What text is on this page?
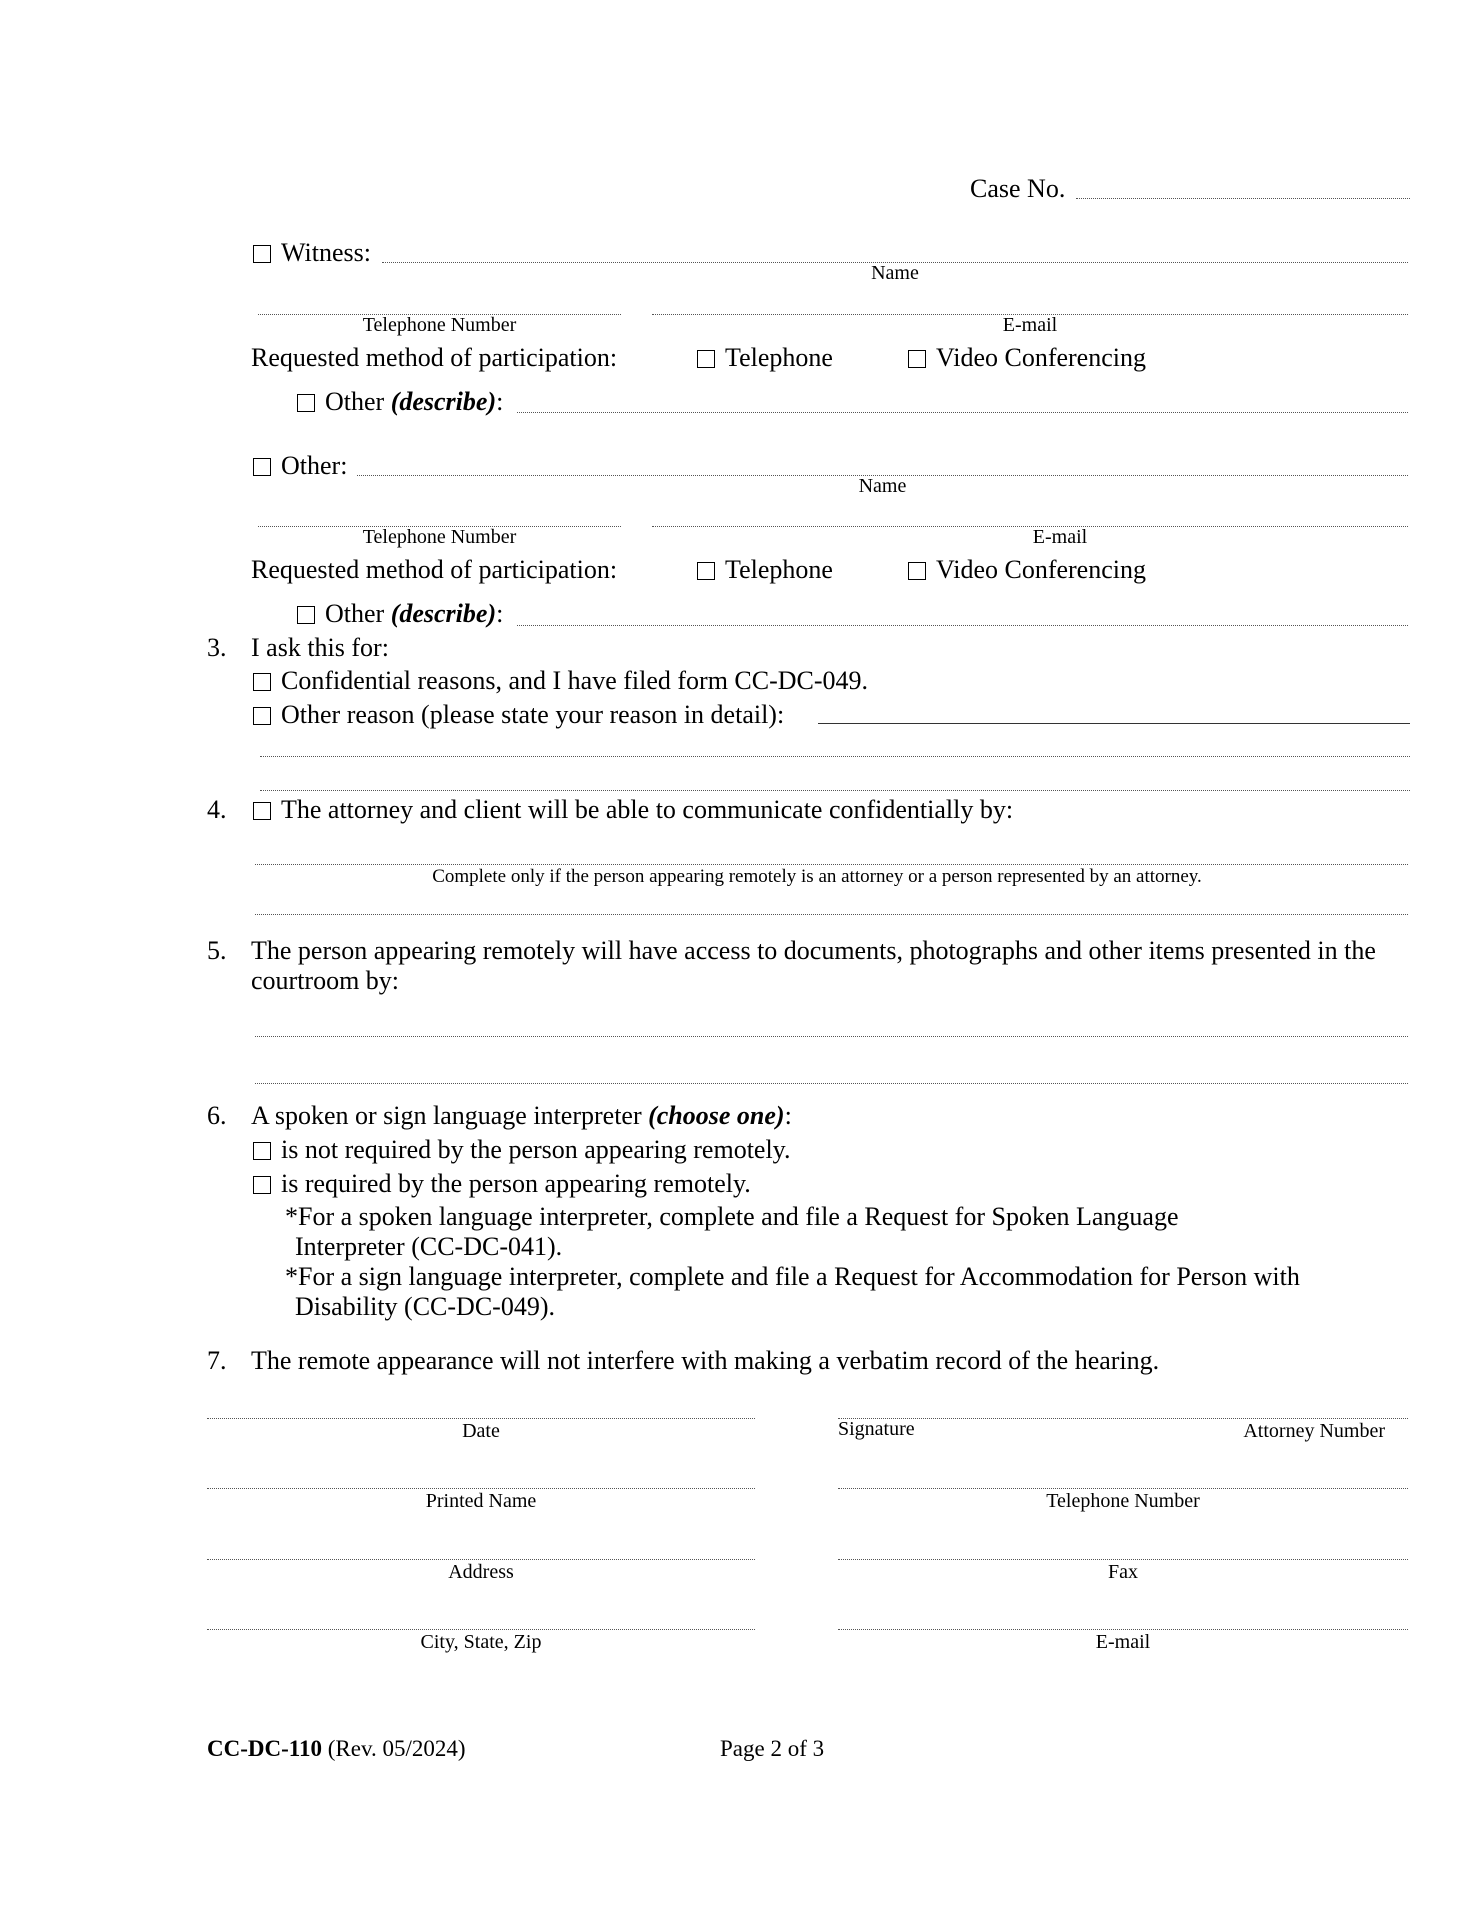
Case No.
Witness:
Name
Telephone Number	E-mail
Requested method of participation:	Telephone	Video Conferencing
Other (describe):
Other:
Name
Telephone Number	E-mail
Requested method of participation:	Telephone	Video Conferencing
Other (describe):
3. I ask this for:
Confidential reasons, and I have filed form CC-DC-049.
Other reason (please state your reason in detail):
4.	The attorney and client will be able to communicate confidentially by:
Complete only if the person appearing remotely is an attorney or a person represented by an attorney.
5. The person appearing remotely will have access to documents, photographs and other items presented in the
courtroom by:
6. A spoken or sign language interpreter (choose one):
is not required by the person appearing remotely.
is required by the person appearing remotely.
*For a spoken language interpreter, complete and file a Request for Spoken Language
Interpreter (CC-DC-041).
*For a sign language interpreter, complete and file a Request for Accommodation for Person with
Disability (CC-DC-049).
7. The remote appearance will not interfere with making a verbatim record of the hearing.
Date	Signature	Attorney Number
Printed Name	Telephone Number
Address	Fax
City, State, Zip	E-mail
CC-DC-110 (Rev. 05/2024)	Page 2 of 3
